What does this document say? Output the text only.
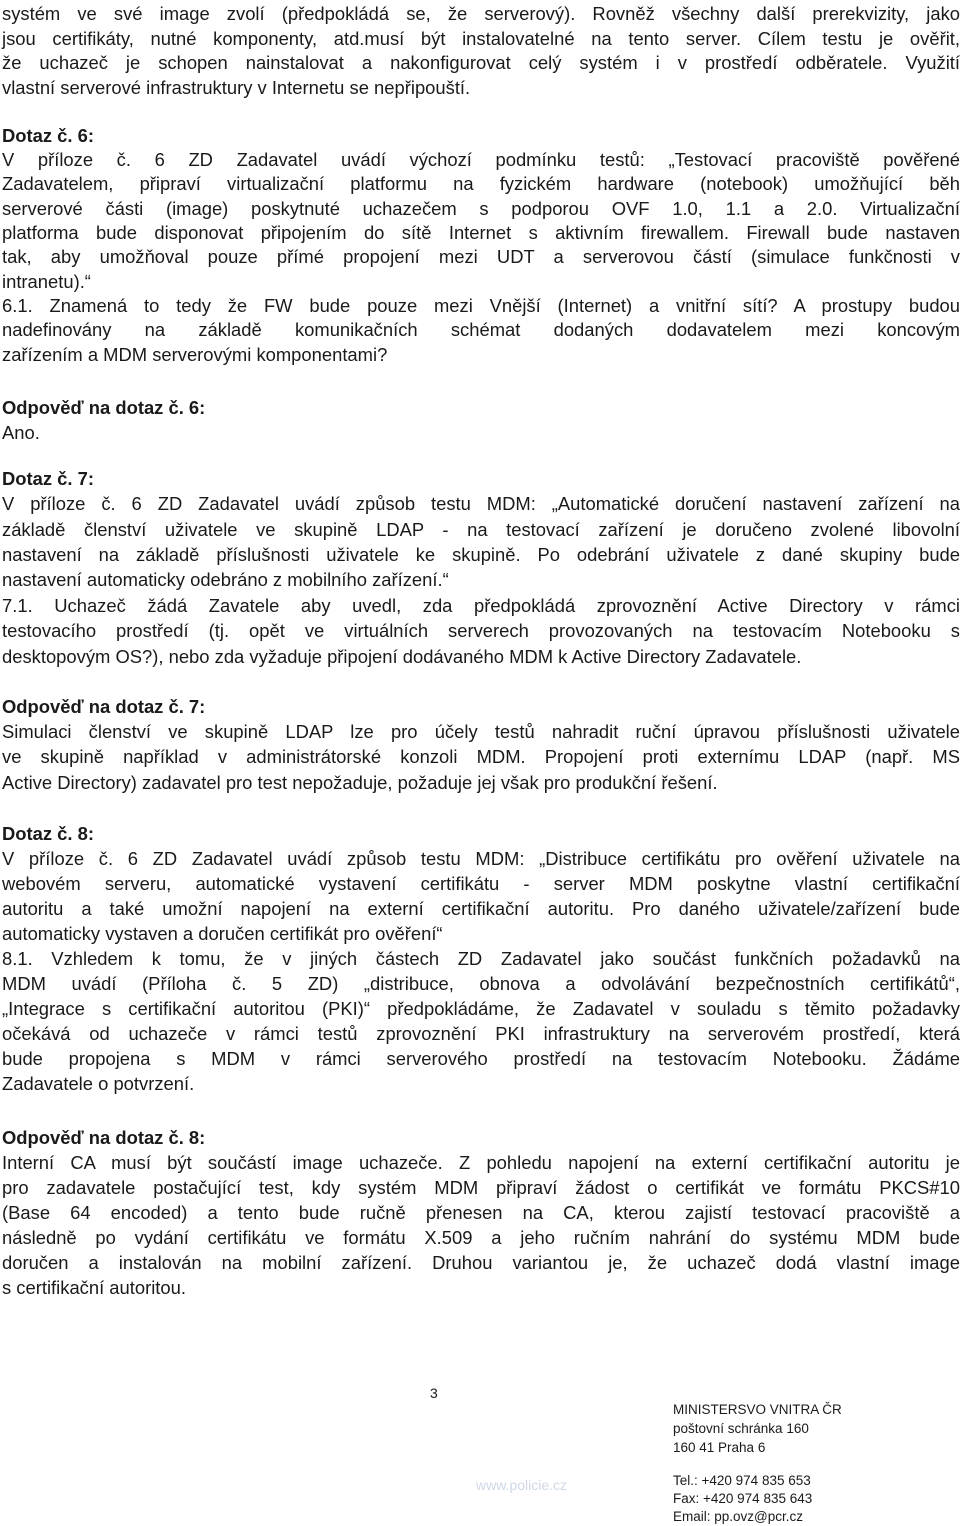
systém ve své image zvolí (předpokládá se, že serverový). Rovněž všechny další prerekvizity, jako
jsou certifikáty, nutné komponenty, atd.musí být instalovatelné na tento server. Cílem testu je ověřit,
že uchazeč je schopen nainstalovat a nakonfigurovat celý systém i v prostředí odběratele. Využití
vlastní serverové infrastruktury v Internetu se nepřipouští.
Dotaz č. 6:
V příloze č. 6 ZD Zadavatel uvádí výchozí podmínku testů: „Testovací pracoviště pověřené
Zadavatelem, připraví virtualizační platformu na fyzickém hardware (notebook) umožňující běh
serverové části (image) poskytnuté uchazečem s podporou OVF 1.0, 1.1 a 2.0. Virtualizační
platforma bude disponovat připojením do sítě Internet s aktivním firewallem. Firewall bude nastaven
tak, aby umožňoval pouze přímé propojení mezi UDT a serverovou částí (simulace funkčnosti v
intranetu).“
6.1. Znamená to tedy že FW bude pouze mezi Vnější (Internet) a vnitřní sítí? A prostupy budou
nadefinovány na základě komunikačních schémat dodaných dodavatelem mezi koncovým
zařízením a MDM serverovými komponentami?
Odpověď na dotaz č. 6:
Ano.
Dotaz č. 7:
V příloze č. 6 ZD Zadavatel uvádí způsob testu MDM: „Automatické doručení nastavení zařízení na
základě členství uživatele ve skupině LDAP - na testovací zařízení je doručeno zvolené libovolní
nastavení na základě příslušnosti uživatele ke skupině. Po odebrání uživatele z dané skupiny bude
nastavení automaticky odebráno z mobilního zařízení.“
7.1. Uchazeč žádá Zavatele aby uvedl, zda předpokládá zprovoznění Active Directory v rámci
testovacího prostředí (tj. opět ve virtuálních serverech provozovaných na testovacím Notebooku s
desktopovým OS?), nebo zda vyžaduje připojení dodávaného MDM k Active Directory Zadavatele.
Odpověď na dotaz č. 7:
Simulaci členství ve skupině LDAP lze pro účely testů nahradit ruční úpravou příslušnosti uživatele
ve skupině například v administrátorské konzoli MDM. Propojení proti externímu LDAP (např. MS
Active Directory) zadavatel pro test nepožaduje, požaduje jej však pro produkční řešení.
Dotaz č. 8:
V příloze č. 6 ZD Zadavatel uvádí způsob testu MDM: „Distribuce certifikátu pro ověření uživatele na
webovém serveru, automatické vystavení certifikátu - server MDM poskytne vlastní certifikační
autoritu a také umožní napojení na externí certifikační autoritu. Pro daného uživatele/zařízení bude
automaticky vystaven a doručen certifikát pro ověření“
8.1. Vzhledem k tomu, že v jiných částech ZD Zadavatel jako součást funkčních požadavků na
MDM uvádí (Příloha č. 5 ZD) „distribuce, obnova a odvolávání bezpečnostních certifikátů“,
„Integrace s certifikační autoritou (PKI)“ předpokládáme, že Zadavatel v souladu s těmito požadavky
očekává od uchazeče v rámci testů zprovoznění PKI infrastruktury na serverovém prostředí, která
bude propojena s MDM v rámci serverového prostředí na testovacím Notebooku. Žádáme
Zadavatele o potvrzení.
Odpověď na dotaz č. 8:
Interní CA musí být součástí image uchazeče. Z pohledu napojení na externí certifikační autoritu je
pro zadavatele postačující test, kdy systém MDM připraví žádost o certifikát ve formátu PKCS#10
(Base 64 encoded) a tento bude ručně přenesen na CA, kterou zajistí testovací pracoviště a
následně po vydání certifikátu ve formátu X.509 a jeho ručním nahrání do systému MDM bude
doručen a instalován na mobilní zařízení. Druhou variantou je, že uchazeč dodá vlastní image
s certifikační autoritou.
3
www.policie.cz
MINISTERSVO VNITRA ČR
poštovní schránka 160
160 41 Praha 6
Tel.: +420 974 835 653
Fax: +420 974 835 643
Email: pp.ovz@pcr.cz
